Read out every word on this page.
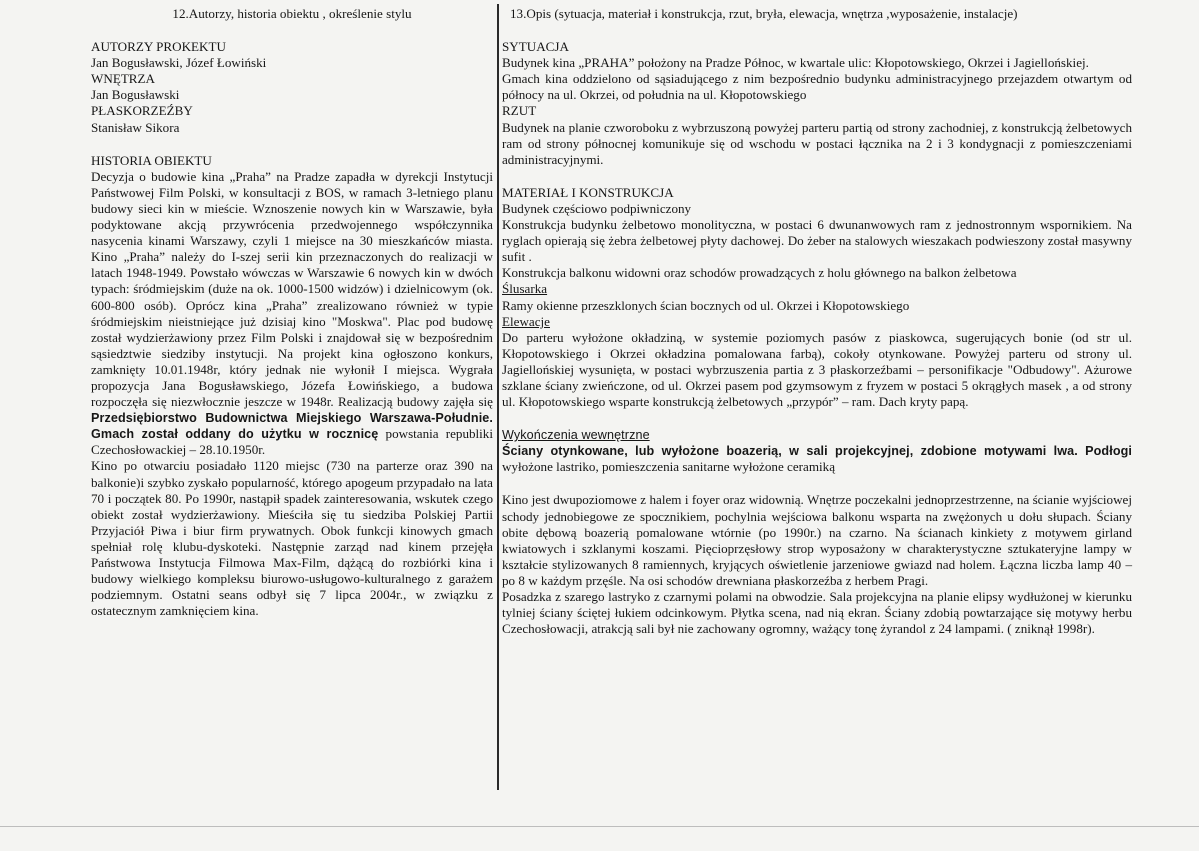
12.Autorzy, historia obiektu , określenie stylu

AUTORZY PROKEKTU

Jan Bogusławski, Józef Łowiński

WNĘTRZA

Jan Bogusławski

PŁASKORZEŹBY

Stanisław Sikora

HISTORIA OBIEKTU

Decyzja o budowie kina „Praha” na Pradze zapadła w dyrekcji Instytucji Państwowej Film Polski, w konsultacji z BOS, w ramach 3-letniego planu budowy sieci kin w mieście. Wznoszenie nowych kin w Warszawie, była podyktowane akcją przywrócenia przedwojennego współczynnika nasycenia kinami Warszawy, czyli 1 miejsce na 30 mieszkańców miasta. Kino „Praha” należy do I-szej serii kin przeznaczonych do realizacji w latach 1948-1949. Powstało wówczas w Warszawie 6 nowych kin w dwóch typach: śródmiejskim (duże na ok. 1000-1500 widzów) i dzielnicowym (ok. 600-800 osób). Oprócz kina „Praha” zrealizowano również w typie śródmiejskim nieistniejące już dzisiaj kino "Moskwa". Plac pod budowę został wydzierżawiony przez Film Polski i znajdował się w bezpośrednim sąsiedztwie siedziby instytucji. Na projekt kina ogłoszono konkurs, zamknięty 10.01.1948r, który jednak nie wyłonił I miejsca. Wygrała propozycja Jana Bogusławskiego, Józefa Łowińskiego, a budowa rozpoczęła się niezwłocznie jeszcze w 1948r. Realizacją budowy zajęła się Przedsiębiorstwo Budownictwa Miejskiego Warszawa-Południe. Gmach został oddany do użytku w rocznicę powstania republiki Czechosłowackiej – 28.10.1950r.

Kino po otwarciu posiadało 1120 miejsc (730 na parterze oraz 390 na balkonie)i szybko zyskało popularność, którego apogeum przypadało na lata 70 i początek 80. Po 1990r, nastąpił spadek zainteresowania, wskutek czego obiekt został wydzierżawiony. Mieściła się tu siedziba Polskiej Partii Przyjaciół Piwa i biur firm prywatnych. Obok funkcji kinowych gmach spełniał rolę klubu-dyskoteki. Następnie zarząd nad kinem przejęła Państwowa Instytucja Filmowa Max-Film, dążącą do rozbiórki kina i budowy wielkiego kompleksu biurowo-usługowo-kulturalnego z garażem podziemnym. Ostatni seans odbył się 7 lipca 2004r., w związku z ostatecznym zamknięciem kina.

13.Opis (sytuacja, materiał i konstrukcja, rzut, bryła, elewacja, wnętrza ,wyposażenie, instalacje)

SYTUACJA

Budynek kina „PRAHA” położony na Pradze Północ, w kwartale ulic: Kłopotowskiego, Okrzei i Jagiellońskiej.

Gmach kina oddzielono od sąsiadującego z nim bezpośrednio budynku administracyjnego przejazdem otwartym od północy na ul. Okrzei, od południa na ul. Kłopotowskiego

RZUT

Budynek na planie czworoboku z wybrzuszoną powyżej parteru partią od strony zachodniej, z konstrukcją żelbetowych ram od strony północnej komunikuje się od wschodu w postaci łącznika na 2 i 3 kondygnacji z pomieszczeniami administracyjnymi.

MATERIAŁ I KONSTRUKCJA

Budynek częściowo podpiwniczony

Konstrukcja budynku żelbetowo monolityczna, w postaci 6 dwunanwowych ram z jednostronnym wspornikiem. Na ryglach opierają się żebra żelbetowej płyty dachowej. Do żeber na stalowych wieszakach podwieszony został masywny sufit .

Konstrukcja balkonu widowni oraz schodów prowadzących z holu głównego na balkon żelbetowa

Ślusarka

Ramy okienne przeszklonych ścian bocznych od ul. Okrzei i Kłopotowskiego

Elewacje

Do parteru wyłożone okładziną, w systemie poziomych pasów z piaskowca, sugerujących bonie (od str ul. Kłopotowskiego i Okrzei okładzina pomalowana farbą), cokoły otynkowane. Powyżej parteru od strony ul. Jagiellońskiej wysunięta, w postaci wybrzuszenia partia z 3 płaskorzeźbami – personifikacje "Odbudowy". Ażurowe szklane ściany zwieńczone, od ul. Okrzei pasem pod gzymsowym z fryzem w postaci 5 okrągłych masek , a od strony ul. Kłopotowskiego wsparte konstrukcją żelbetowych „przypór” – ram. Dach kryty papą.

Wykończenia wewnętrzne

Ściany otynkowane, lub wyłożone boazerią, w sali projekcyjnej, zdobione motywami lwa. Podłogi wyłożone lastriko, pomieszczenia sanitarne wyłożone ceramiką

Kino jest dwupoziomowe z halem i foyer oraz widownią. Wnętrze poczekalni jednoprzestrzenne, na ścianie wyjściowej schody jednobiegowe ze spocznikiem, pochylnia wejściowa balkonu wsparta na zwężonych u dołu słupach. Ściany obite dębową boazerią pomalowane wtórnie (po 1990r.) na czarno. Na ścianach kinkiety z motywem girland kwiatowych i szklanymi koszami. Pięcioprzęsłowy strop wyposażony w charakterystyczne sztukateryjne lampy w kształcie stylizowanych 8 ramiennych, kryjących oświetlenie jarzeniowe gwiazd nad holem. Łączna liczba lamp 40 – po 8 w każdym przęśle. Na osi schodów drewniana płaskorzeźba z herbem Pragi.

Posadzka z szarego lastryko z czarnymi polami na obwodzie. Sala projekcyjna na planie elipsy wydłużonej w kierunku tylniej ściany ściętej łukiem odcinkowym. Płytka scena, nad nią ekran. Ściany zdobią powtarzające się motywy herbu Czechosłowacji, atrakcją sali był nie zachowany ogromny, ważący tonę żyrandol z 24 lampami. ( zniknął 1998r).
